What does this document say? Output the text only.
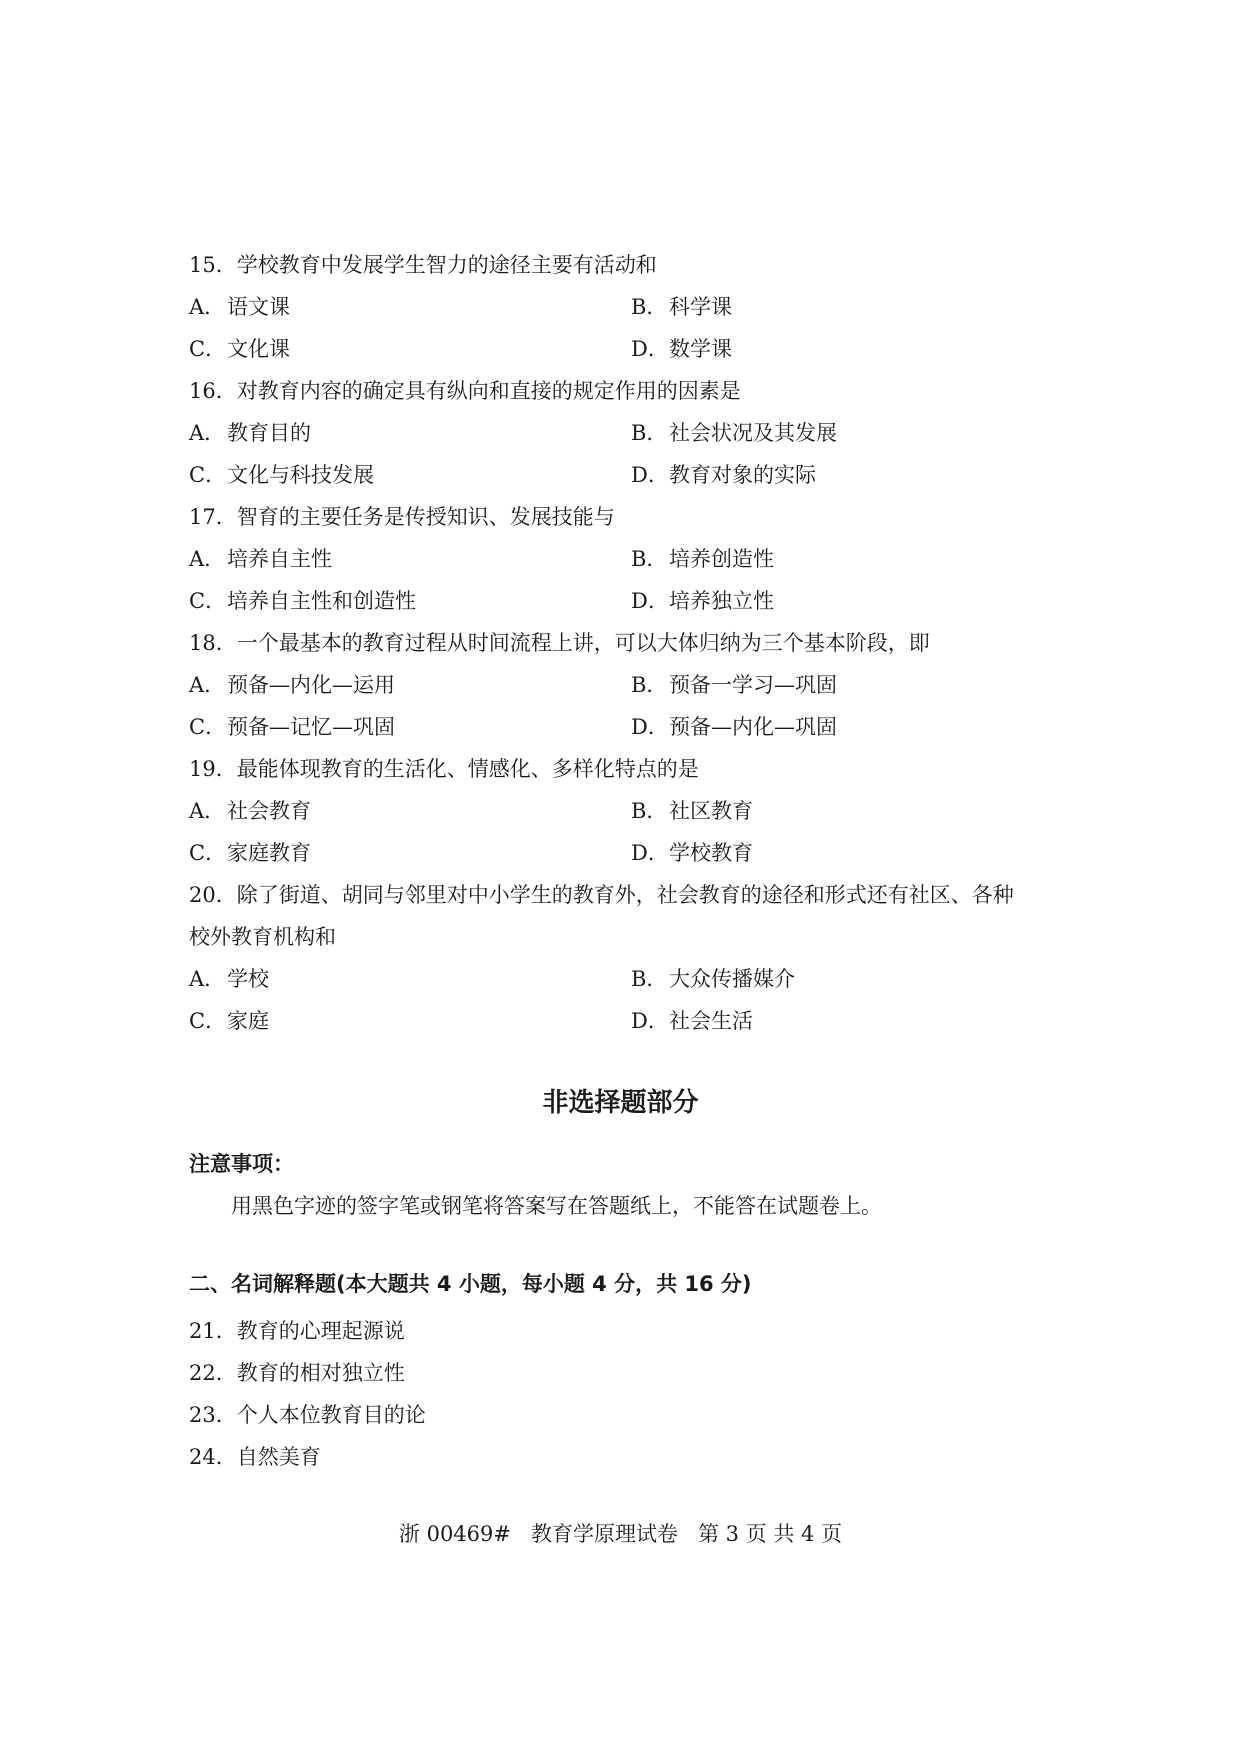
15．学校教育中发展学生智力的途径主要有活动和
A．语文课	B．科学课
C．文化课	D．数学课
16．对教育内容的确定具有纵向和直接的规定作用的因素是
A．教育目的	B．社会状况及其发展
C．文化与科技发展	D．教育对象的实际
17．智育的主要任务是传授知识、发展技能与
A．培养自主性	B．培养创造性
C．培养自主性和创造性	D．培养独立性
18．一个最基本的教育过程从时间流程上讲，可以大体归纳为三个基本阶段，即
A．预备—内化—运用	B．预备一学习—巩固
C．预备—记忆—巩固	D．预备—内化—巩固
19．最能体现教育的生活化、情感化、多样化特点的是
A．社会教育	B．社区教育
C．家庭教育	D．学校教育
20．除了街道、胡同与邻里对中小学生的教育外，社会教育的途径和形式还有社区、各种
校外教育机构和
A．学校	B．大众传播媒介
C．家庭	D．社会生活
非选择题部分
注意事项：
用黑色字迹的签字笔或钢笔将答案写在答题纸上，不能答在试题卷上。
二、名词解释题(本大题共 4 小题，每小题 4 分，共 16 分)
21．教育的心理起源说
22．教育的相对独立性
23．个人本位教育目的论
24．自然美育
浙 00469# 教育学原理试卷 第 3 页 共 4 页
